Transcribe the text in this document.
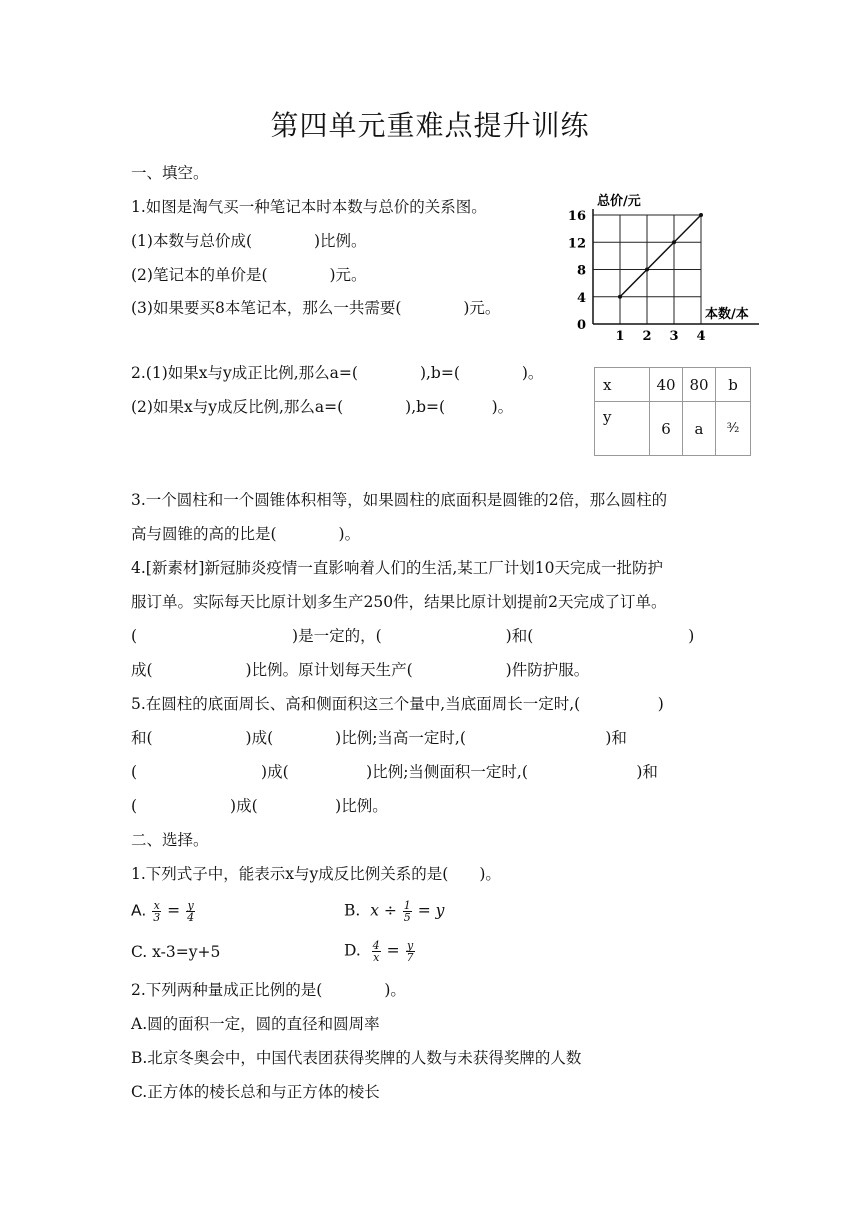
第四单元重难点提升训练
一、填空。
1.如图是淘气买一种笔记本时本数与总价的关系图。
(1)本数与总价成(　　　　)比例。
(2)笔记本的单价是(　　　　)元。
(3)如果要买8本笔记本，那么一共需要(　　　　)元。
1 2 3 4
4
8
12
16
总价/元
本数/本
0
2.(1)如果x与y成正比例,那么a=(　　　　),b=(　　　　)。
(2)如果x与y成反比例,那么a=(　　　　),b=(　　　)。
x	40	80	b
y	6	a	³⁄₂
3.一个圆柱和一个圆锥体积相等，如果圆柱的底面积是圆锥的2倍，那么圆柱的
高与圆锥的高的比是(　　　　)。
4.[新素材]新冠肺炎疫情一直影响着人们的生活,某工厂计划10天完成一批防护
服订单。实际每天比原计划多生产250件，结果比原计划提前2天完成了订单。
(　　　　　　　　　　)是一定的，(　　　　　　　　)和(　　　　　　　　　　)
成(　　　　　　)比例。原计划每天生产(　　　　　　)件防护服。
5.在圆柱的底面周长、高和侧面积这三个量中,当底面周长一定时,(　　　　　)
和(　　　　　　)成(　　　　)比例;当高一定时,(　　　　　　　　　)和
(　　　　　　　　)成(　　　　　)比例;当侧面积一定时,(　　　　　　　)和
(　　　　　　)成(　　　　　)比例。
二、选择。
1.下列式子中，能表示x与y成反比例关系的是(　　)。
A. $\frac{x}{3} = \frac{y}{4}$	B. $x \div \frac{1}{5} = y$
C. x-3=y+5	D. $\frac{4}{x} = \frac{y}{7}$
2.下列两种量成正比例的是(　　　　)。
A.圆的面积一定，圆的直径和圆周率
B.北京冬奥会中，中国代表团获得奖牌的人数与未获得奖牌的人数
C.正方体的棱长总和与正方体的棱长
